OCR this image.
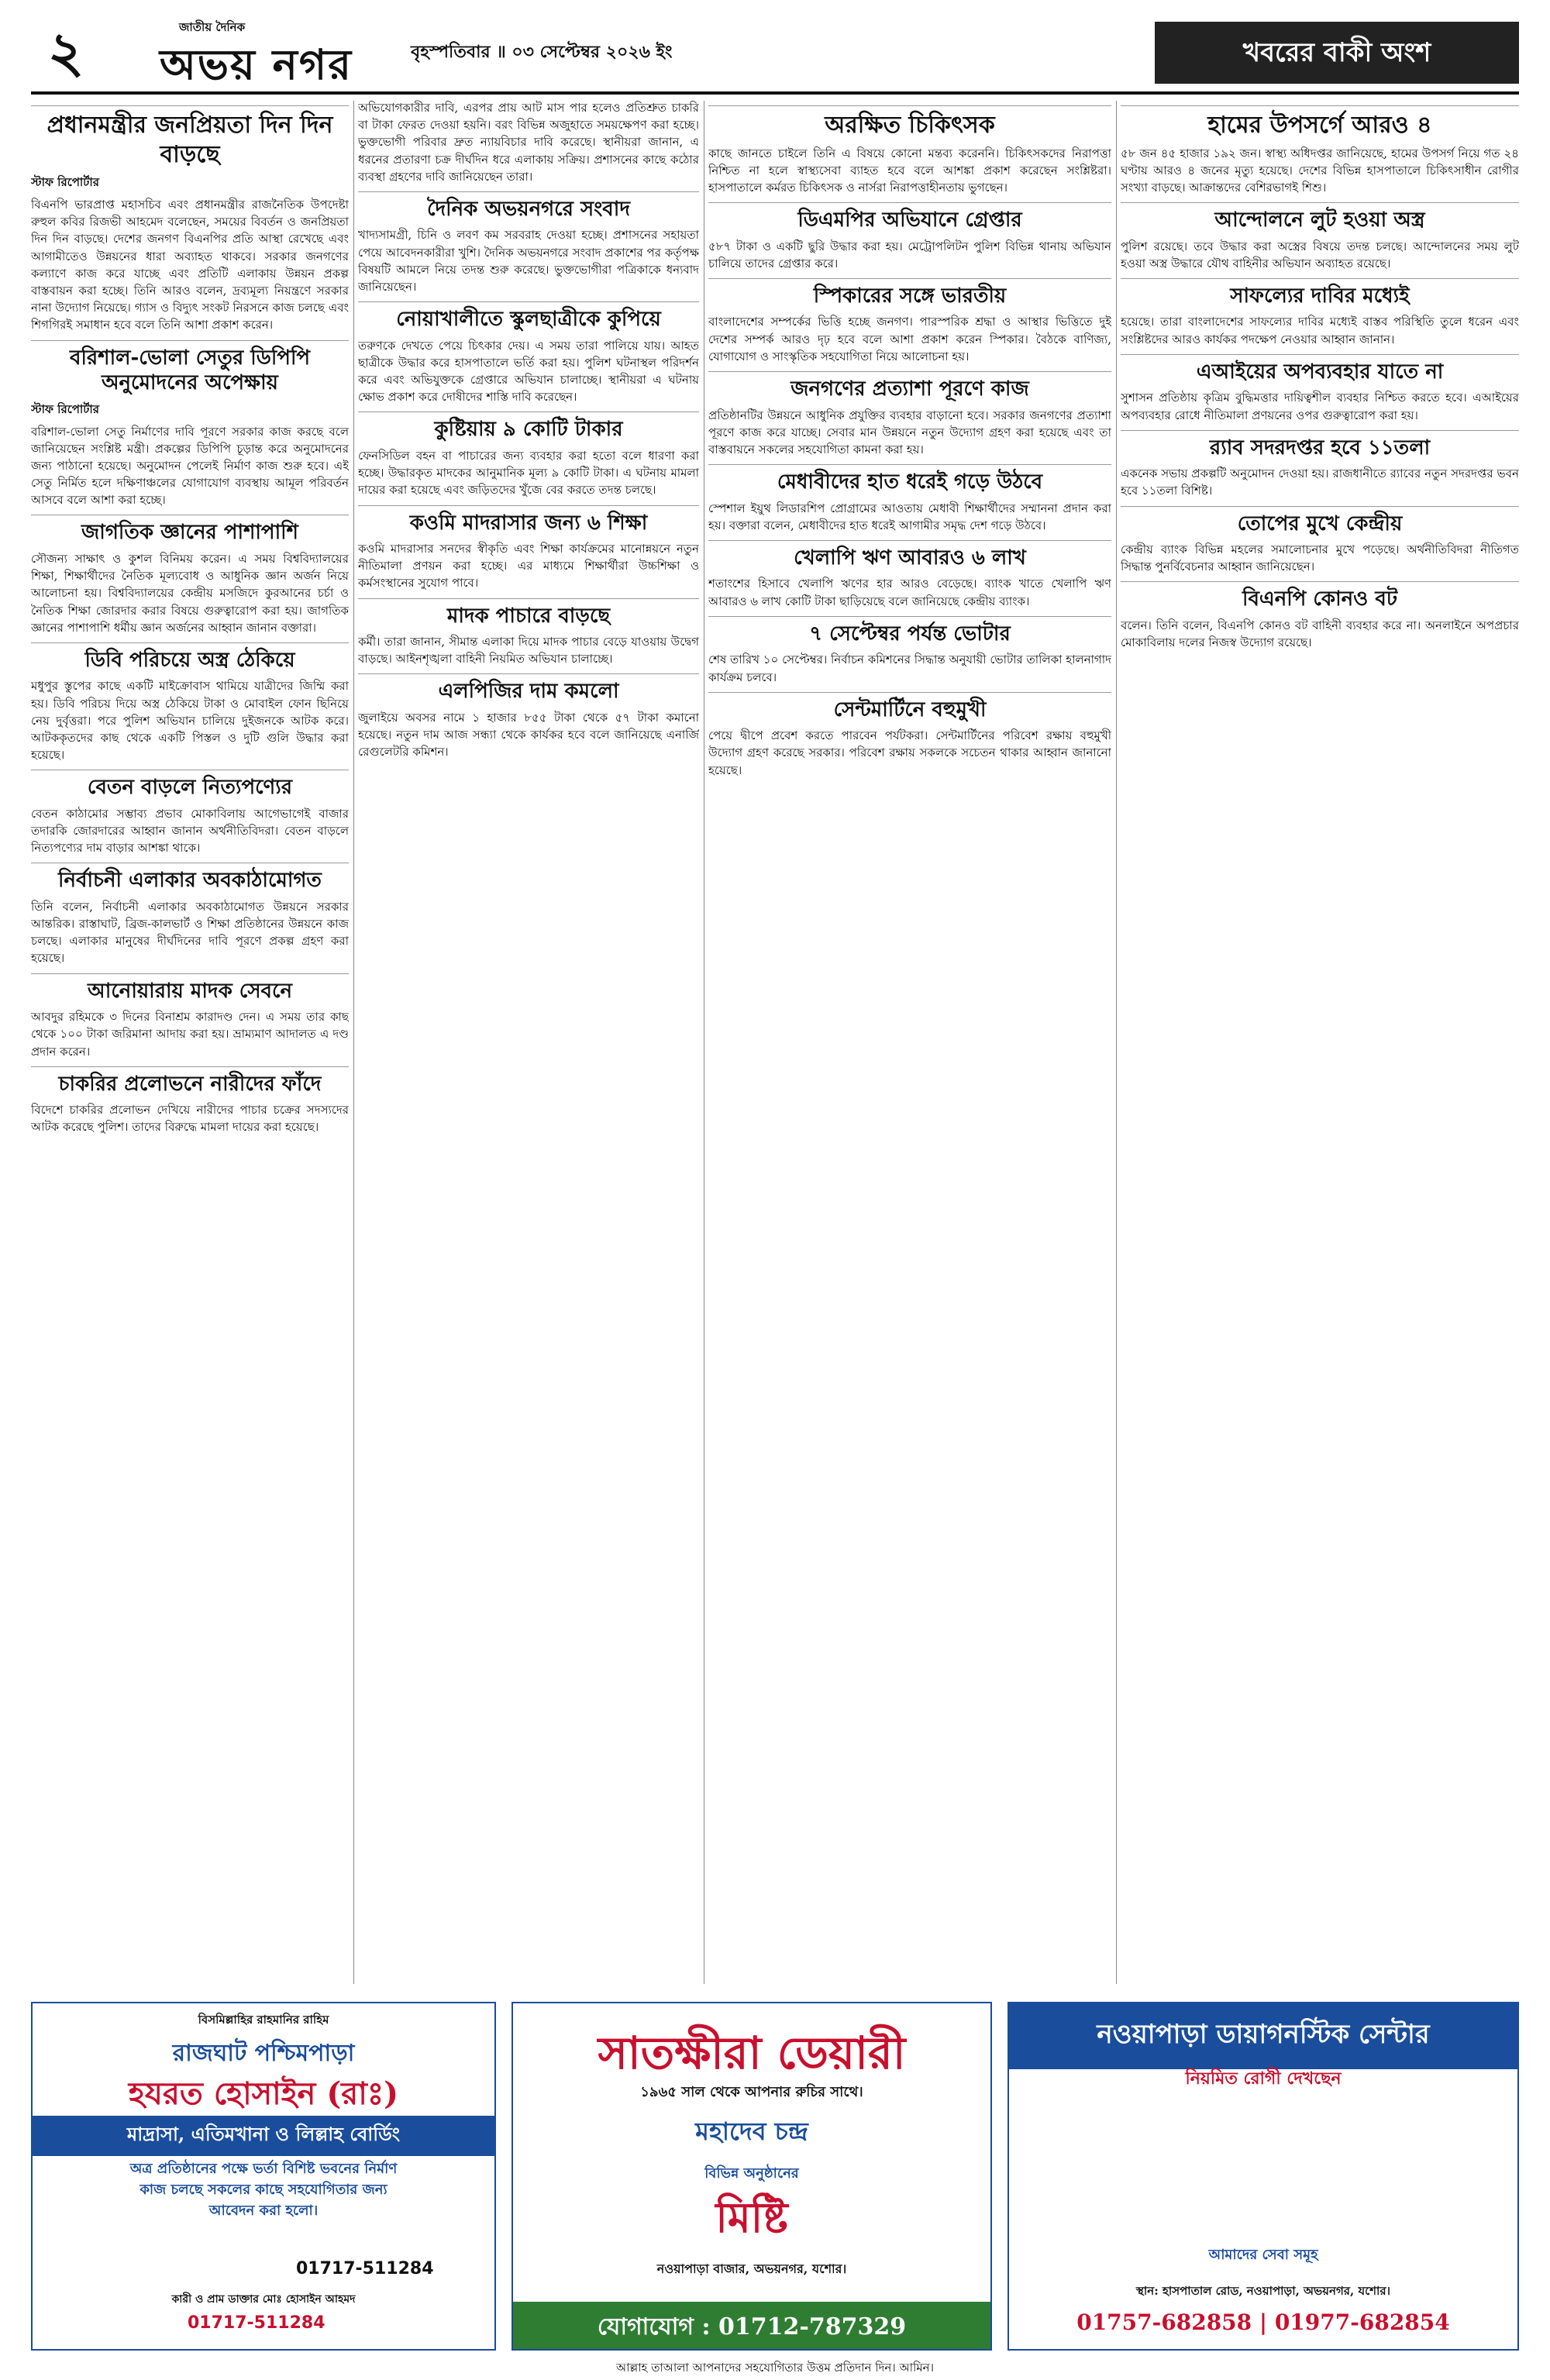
২	জাতীয় দৈনিক
অভয় নগর	বৃহস্পতিবার ॥ ০৩ সেপ্টেম্বর ২০২৬ ইং	খবরের বাকী অংশ
প্রধানমন্ত্রীর জনপ্রিয়তা দিন দিন বাড়ছে
স্টাফ রিপোর্টার
বিএনপি ভারপ্রাপ্ত মহাসচিব এবং প্রধানমন্ত্রীর রাজনৈতিক উপদেষ্টা রুহুল কবির রিজভী আহমেদ বলেছেন, সময়ের বিবর্তন ও জনপ্রিয়তা দিন দিন বাড়ছে। দেশের জনগণ বিএনপির প্রতি আস্থা রেখেছে এবং আগামীতেও উন্নয়নের ধারা অব্যাহত থাকবে। সরকার জনগণের কল্যাণে কাজ করে যাচ্ছে এবং প্রতিটি এলাকায় উন্নয়ন প্রকল্প বাস্তবায়ন করা হচ্ছে। তিনি আরও বলেন, দ্রব্যমূল্য নিয়ন্ত্রণে সরকার নানা উদ্যোগ নিয়েছে। গ্যাস ও বিদ্যুৎ সংকট নিরসনে কাজ চলছে এবং শিগগিরই সমাধান হবে বলে তিনি আশা প্রকাশ করেন।
বরিশাল-ভোলা সেতুর ডিপিপি অনুমোদনের অপেক্ষায়
স্টাফ রিপোর্টার
বরিশাল-ভোলা সেতু নির্মাণের দাবি পূরণে সরকার কাজ করছে বলে জানিয়েছেন সংশ্লিষ্ট মন্ত্রী। প্রকল্পের ডিপিপি চূড়ান্ত করে অনুমোদনের জন্য পাঠানো হয়েছে। অনুমোদন পেলেই নির্মাণ কাজ শুরু হবে। এই সেতু নির্মিত হলে দক্ষিণাঞ্চলের যোগাযোগ ব্যবস্থায় আমূল পরিবর্তন আসবে বলে আশা করা হচ্ছে।
জাগতিক জ্ঞানের পাশাপাশি
সৌজন্য সাক্ষাৎ ও কুশল বিনিময় করেন। এ সময় বিশ্ববিদ্যালয়ের শিক্ষা, শিক্ষার্থীদের নৈতিক মূল্যবোধ ও আধুনিক জ্ঞান অর্জন নিয়ে আলোচনা হয়। বিশ্ববিদ্যালয়ের কেন্দ্রীয় মসজিদে কুরআনের চর্চা ও নৈতিক শিক্ষা জোরদার করার বিষয়ে গুরুত্বারোপ করা হয়। জাগতিক জ্ঞানের পাশাপাশি ধর্মীয় জ্ঞান অর্জনের আহ্বান জানান বক্তারা।
ডিবি পরিচয়ে অস্ত্র ঠেকিয়ে
মধুপুর স্তুপের কাছে একটি মাইক্রোবাস থামিয়ে যাত্রীদের জিম্মি করা হয়। ডিবি পরিচয় দিয়ে অস্ত্র ঠেকিয়ে টাকা ও মোবাইল ফোন ছিনিয়ে নেয় দুর্বৃত্তরা। পরে পুলিশ অভিযান চালিয়ে দুইজনকে আটক করে। আটককৃতদের কাছ থেকে একটি পিস্তল ও দুটি গুলি উদ্ধার করা হয়েছে।
বেতন বাড়লে নিত্যপণ্যের
বেতন কাঠামোর সম্ভাব্য প্রভাব মোকাবিলায় আগেভাগেই বাজার তদারকি জোরদারের আহ্বান জানান অর্থনীতিবিদরা। বেতন বাড়লে নিত্যপণ্যের দাম বাড়ার আশঙ্কা থাকে।
নির্বাচনী এলাকার অবকাঠামোগত
তিনি বলেন, নির্বাচনী এলাকার অবকাঠামোগত উন্নয়নে সরকার আন্তরিক। রাস্তাঘাট, ব্রিজ-কালভার্ট ও শিক্ষা প্রতিষ্ঠানের উন্নয়নে কাজ চলছে। এলাকার মানুষের দীর্ঘদিনের দাবি পূরণে প্রকল্প গ্রহণ করা হয়েছে।
আনোয়ারায় মাদক সেবনে
আবদুর রহিমকে ৩ দিনের বিনাশ্রম কারাদণ্ড দেন। এ সময় তার কাছ থেকে ১০০ টাকা জরিমানা আদায় করা হয়। ভ্রাম্যমাণ আদালত এ দণ্ড প্রদান করেন।
চাকরির প্রলোভনে নারীদের ফাঁদে
বিদেশে চাকরির প্রলোভন দেখিয়ে নারীদের পাচার চক্রের সদস্যদের আটক করেছে পুলিশ। তাদের বিরুদ্ধে মামলা দায়ের করা হয়েছে।
অভিযোগকারীর দাবি, এরপর প্রায় আট মাস পার হলেও প্রতিশ্রুত চাকরি বা টাকা ফেরত দেওয়া হয়নি। বরং বিভিন্ন অজুহাতে সময়ক্ষেপণ করা হচ্ছে। ভুক্তভোগী পরিবার দ্রুত ন্যায়বিচার দাবি করেছে। স্থানীয়রা জানান, এ ধরনের প্রতারণা চক্র দীর্ঘদিন ধরে এলাকায় সক্রিয়। প্রশাসনের কাছে কঠোর ব্যবস্থা গ্রহণের দাবি জানিয়েছেন তারা।
দৈনিক অভয়নগরে সংবাদ
খাদ্যসামগ্রী, চিনি ও লবণ কম সরবরাহ দেওয়া হচ্ছে। প্রশাসনের সহায়তা পেয়ে আবেদনকারীরা খুশি। দৈনিক অভয়নগরে সংবাদ প্রকাশের পর কর্তৃপক্ষ বিষয়টি আমলে নিয়ে তদন্ত শুরু করেছে। ভুক্তভোগীরা পত্রিকাকে ধন্যবাদ জানিয়েছেন।
নোয়াখালীতে স্কুলছাত্রীকে কুপিয়ে
তরুণকে দেখতে পেয়ে চিৎকার দেয়। এ সময় তারা পালিয়ে যায়। আহত ছাত্রীকে উদ্ধার করে হাসপাতালে ভর্তি করা হয়। পুলিশ ঘটনাস্থল পরিদর্শন করে এবং অভিযুক্তকে গ্রেপ্তারে অভিযান চালাচ্ছে। স্থানীয়রা এ ঘটনায় ক্ষোভ প্রকাশ করে দোষীদের শাস্তি দাবি করেছেন।
কুষ্টিয়ায় ৯ কোটি টাকার
ফেনসিডিল বহন বা পাচারের জন্য ব্যবহার করা হতো বলে ধারণা করা হচ্ছে। উদ্ধারকৃত মাদকের আনুমানিক মূল্য ৯ কোটি টাকা। এ ঘটনায় মামলা দায়ের করা হয়েছে এবং জড়িতদের খুঁজে বের করতে তদন্ত চলছে।
কওমি মাদরাসার জন্য ৬ শিক্ষা
কওমি মাদরাসার সনদের স্বীকৃতি এবং শিক্ষা কার্যক্রমের মানোন্নয়নে নতুন নীতিমালা প্রণয়ন করা হচ্ছে। এর মাধ্যমে শিক্ষার্থীরা উচ্চশিক্ষা ও কর্মসংস্থানের সুযোগ পাবে।
মাদক পাচারে বাড়ছে
কর্মী। তারা জানান, সীমান্ত এলাকা দিয়ে মাদক পাচার বেড়ে যাওয়ায় উদ্বেগ বাড়ছে। আইনশৃঙ্খলা বাহিনী নিয়মিত অভিযান চালাচ্ছে।
এলপিজির দাম কমলো
জুলাইয়ে অবসর নামে ১ হাজার ৮৫৫ টাকা থেকে ৫৭ টাকা কমানো হয়েছে। নতুন দাম আজ সন্ধ্যা থেকে কার্যকর হবে বলে জানিয়েছে এনার্জি রেগুলেটরি কমিশন।
অরক্ষিত চিকিৎসক
কাছে জানতে চাইলে তিনি এ বিষয়ে কোনো মন্তব্য করেননি। চিকিৎসকদের নিরাপত্তা নিশ্চিত না হলে স্বাস্থ্যসেবা ব্যাহত হবে বলে আশঙ্কা প্রকাশ করেছেন সংশ্লিষ্টরা। হাসপাতালে কর্মরত চিকিৎসক ও নার্সরা নিরাপত্তাহীনতায় ভুগছেন।
ডিএমপির অভিযানে গ্রেপ্তার
৫৮৭ টাকা ও একটি ছুরি উদ্ধার করা হয়। মেট্রোপলিটন পুলিশ বিভিন্ন থানায় অভিযান চালিয়ে তাদের গ্রেপ্তার করে।
স্পিকারের সঙ্গে ভারতীয়
বাংলাদেশের সম্পর্কের ভিত্তি হচ্ছে জনগণ। পারস্পরিক শ্রদ্ধা ও আস্থার ভিত্তিতে দুই দেশের সম্পর্ক আরও দৃঢ় হবে বলে আশা প্রকাশ করেন স্পিকার। বৈঠকে বাণিজ্য, যোগাযোগ ও সাংস্কৃতিক সহযোগিতা নিয়ে আলোচনা হয়।
জনগণের প্রত্যাশা পূরণে কাজ
প্রতিষ্ঠানটির উন্নয়নে আধুনিক প্রযুক্তির ব্যবহার বাড়ানো হবে। সরকার জনগণের প্রত্যাশা পূরণে কাজ করে যাচ্ছে। সেবার মান উন্নয়নে নতুন উদ্যোগ গ্রহণ করা হয়েছে এবং তা বাস্তবায়নে সকলের সহযোগিতা কামনা করা হয়।
মেধাবীদের হাত ধরেই গড়ে উঠবে
স্পেশাল ইয়ুথ লিডারশিপ প্রোগ্রামের আওতায় মেধাবী শিক্ষার্থীদের সম্মাননা প্রদান করা হয়। বক্তারা বলেন, মেধাবীদের হাত ধরেই আগামীর সমৃদ্ধ দেশ গড়ে উঠবে।
খেলাপি ঋণ আবারও ৬ লাখ
শতাংশের হিসাবে খেলাপি ঋণের হার আরও বেড়েছে। ব্যাংক খাতে খেলাপি ঋণ আবারও ৬ লাখ কোটি টাকা ছাড়িয়েছে বলে জানিয়েছে কেন্দ্রীয় ব্যাংক।
৭ সেপ্টেম্বর পর্যন্ত ভোটার
শেষ তারিখ ১০ সেপ্টেম্বর। নির্বাচন কমিশনের সিদ্ধান্ত অনুযায়ী ভোটার তালিকা হালনাগাদ কার্যক্রম চলবে।
সেন্টমার্টিনে বহুমুখী
পেয়ে দ্বীপে প্রবেশ করতে পারবেন পর্যটকরা। সেন্টমার্টিনের পরিবেশ রক্ষায় বহুমুখী উদ্যোগ গ্রহণ করেছে সরকার। পরিবেশ রক্ষায় সকলকে সচেতন থাকার আহ্বান জানানো হয়েছে।
হামের উপসর্গে আরও ৪
৫৮ জন ৪৫ হাজার ১৯২ জন। স্বাস্থ্য অধিদপ্তর জানিয়েছে, হামের উপসর্গ নিয়ে গত ২৪ ঘণ্টায় আরও ৪ জনের মৃত্যু হয়েছে। দেশের বিভিন্ন হাসপাতালে চিকিৎসাধীন রোগীর সংখ্যা বাড়ছে। আক্রান্তদের বেশিরভাগই শিশু।
আন্দোলনে লুট হওয়া অস্ত্র
পুলিশ রয়েছে। তবে উদ্ধার করা অস্ত্রের বিষয়ে তদন্ত চলছে। আন্দোলনের সময় লুট হওয়া অস্ত্র উদ্ধারে যৌথ বাহিনীর অভিযান অব্যাহত রয়েছে।
সাফল্যের দাবির মধ্যেই
হয়েছে। তারা বাংলাদেশের সাফল্যের দাবির মধ্যেই বাস্তব পরিস্থিতি তুলে ধরেন এবং সংশ্লিষ্টদের আরও কার্যকর পদক্ষেপ নেওয়ার আহ্বান জানান।
এআইয়ের অপব্যবহার যাতে না
সুশাসন প্রতিষ্ঠায় কৃত্রিম বুদ্ধিমত্তার দায়িত্বশীল ব্যবহার নিশ্চিত করতে হবে। এআইয়ের অপব্যবহার রোধে নীতিমালা প্রণয়নের ওপর গুরুত্বারোপ করা হয়।
র‌্যাব সদরদপ্তর হবে ১১তলা
একনেক সভায় প্রকল্পটি অনুমোদন দেওয়া হয়। রাজধানীতে র‌্যাবের নতুন সদরদপ্তর ভবন হবে ১১তলা বিশিষ্ট।
তোপের মুখে কেন্দ্রীয়
কেন্দ্রীয় ব্যাংক বিভিন্ন মহলের সমালোচনার মুখে পড়েছে। অর্থনীতিবিদরা নীতিগত সিদ্ধান্ত পুনর্বিবেচনার আহ্বান জানিয়েছেন।
বিএনপি কোনও বট
বলেন। তিনি বলেন, বিএনপি কোনও বট বাহিনী ব্যবহার করে না। অনলাইনে অপপ্রচার মোকাবিলায় দলের নিজস্ব উদ্যোগ রয়েছে।
বিসমিল্লাহির রাহমানির রাহিম
রাজঘাট পশ্চিমপাড়া
হযরত হোসাইন (রাঃ)
মাদ্রাসা, এতিমখানা ও লিল্লাহ বোর্ডিং
অত্র প্রতিষ্ঠানের পক্ষে ভর্তা বিশিষ্ট ভবনের নির্মাণ কাজ চলছে সকলের কাছে সহযোগিতার জন্য আবেদন করা হলো।
01717-511284
01717-511284
কারী ও প্রাম ডাক্তার মোঃ হোসাইন আহমদ
সাতক্ষীরা ডেয়ারী
১৯৬৫ সাল থেকে আপনার রুচির সাথে।
মহাদেব চন্দ্র
বিভিন্ন অনুষ্ঠানের
মিষ্টি
নওয়াপাড়া বাজার, অভয়নগর, যশোর।
যোগাযোগ : 01712-787329
নওয়াপাড়া ডায়াগনস্টিক সেন্টার
নিয়মিত রোগী দেখছেন
আমাদের সেবা সমূহ
স্থান: হাসপাতাল রোড, নওয়াপাড়া, অভয়নগর, যশোর।
01757-682858 | 01977-682854
আল্লাহ তাআলা আপনাদের সহযোগিতার উত্তম প্রতিদান দিন। আমিন।
